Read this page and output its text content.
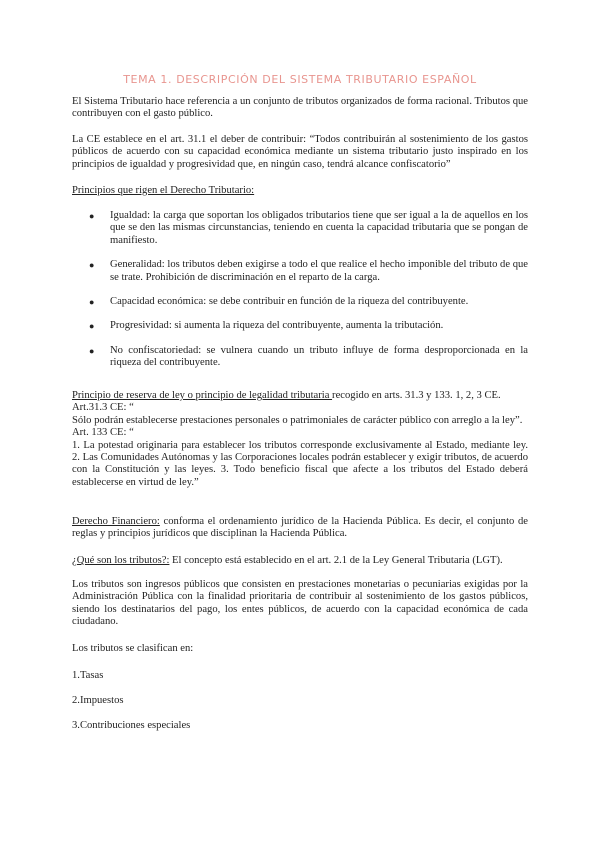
TEMA 1. DESCRIPCIÓN DEL SISTEMA TRIBUTARIO ESPAÑOL

El Sistema Tributario hace referencia a un conjunto de tributos organizados de forma racional. Tributos que contribuyen con el gasto público.

La CE establece en el art. 31.1 el deber de contribuir: “Todos contribuirán al sostenimiento de los gastos públicos de acuerdo con su capacidad económica mediante un sistema tributario justo inspirado en los principios de igualdad y progresividad que, en ningún caso, tendrá alcance confiscatorio”

Principios que rigen el Derecho Tributario:

● Igualdad: la carga que soportan los obligados tributarios tiene que ser igual a la de aquellos en los que se den las mismas circunstancias, teniendo en cuenta la capacidad tributaria que se pongan de manifiesto.
● Generalidad: los tributos deben exigirse a todo el que realice el hecho imponible del tributo de que se trate. Prohibición de discriminación en el reparto de la carga.
● Capacidad económica: se debe contribuir en función de la riqueza del contribuyente.
● Progresividad: si aumenta la riqueza del contribuyente, aumenta la tributación.
● No confiscatoriedad: se vulnera cuando un tributo influye de forma desproporcionada en la riqueza del contribuyente.
Principio de reserva de ley o principio de legalidad tributaria recogido en arts. 31.3 y 133. 1, 2, 3 CE.
Art.31.3 CE: “
Sólo podrán establecerse prestaciones personales o patrimoniales de carácter público con arreglo a la ley”. Art. 133 CE: “
1. La potestad originaria para establecer los tributos corresponde exclusivamente al Estado, mediante ley. 2. Las Comunidades Autónomas y las Corporaciones locales podrán establecer y exigir tributos, de acuerdo con la Constitución y las leyes. 3. Todo beneficio fiscal que afecte a los tributos del Estado deberá establecerse en virtud de ley.”

Derecho Financiero: conforma el ordenamiento jurídico de la Hacienda Pública. Es decir, el conjunto de reglas y principios jurídicos que disciplinan la Hacienda Pública.

¿Qué son los tributos?: El concepto está establecido en el art. 2.1 de la Ley General Tributaria (LGT).

Los tributos son ingresos públicos que consisten en prestaciones monetarias o pecuniarias exigidas por la Administración Pública con la finalidad prioritaria de contribuir al sostenimiento de los gastos públicos, siendo los destinatarios del pago, los entes públicos, de acuerdo con la capacidad económica de cada ciudadano.

Los tributos se clasifican en:

1.Tasas

2.Impuestos

3.Contribuciones especiales
